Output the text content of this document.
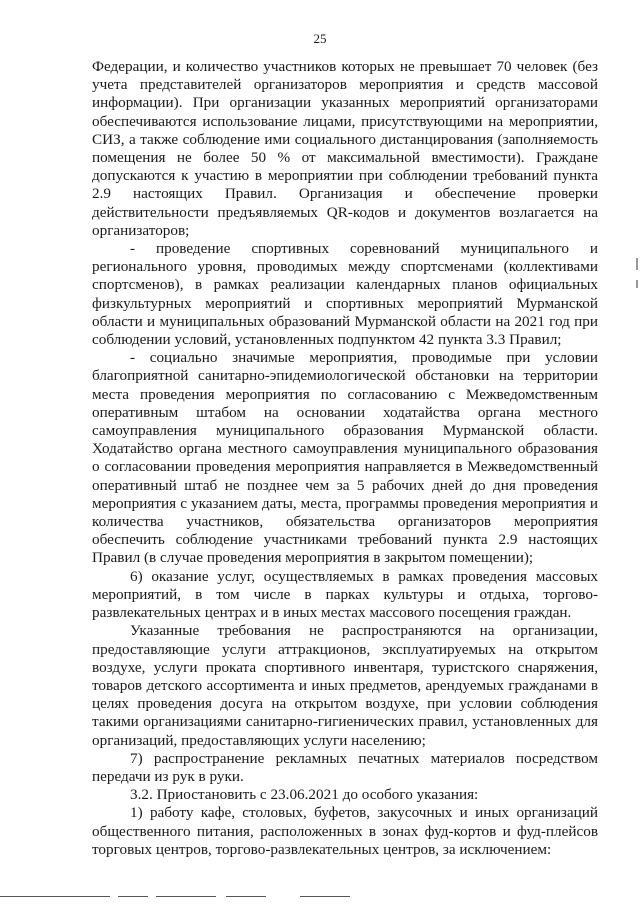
25

Федерации, и количество участников которых не превышает 70 человек (без учета представителей организаторов мероприятия и средств массовой информации). При организации указанных мероприятий организаторами обеспечиваются использование лицами, присутствующими на мероприятии, СИЗ, а также соблюдение ими социального дистанцирования (заполняемость помещения не более 50 % от максимальной вместимости). Граждане допускаются к участию в мероприятии при соблюдении требований пункта 2.9 настоящих Правил. Организация и обеспечение проверки действительности предъявляемых QR-кодов и документов возлагается на организаторов;

- проведение спортивных соревнований муниципального и регионального уровня, проводимых между спортсменами (коллективами спортсменов), в рамках реализации календарных планов официальных физкультурных мероприятий и спортивных мероприятий Мурманской области и муниципальных образований Мурманской области на 2021 год при соблюдении условий, установленных подпунктом 42 пункта 3.3 Правил;

- социально значимые мероприятия, проводимые при условии благоприятной санитарно-эпидемиологической обстановки на территории места проведения мероприятия по согласованию с Межведомственным оперативным штабом на основании ходатайства органа местного самоуправления муниципального образования Мурманской области. Ходатайство органа местного самоуправления муниципального образования о согласовании проведения мероприятия направляется в Межведомственный оперативный штаб не позднее чем за 5 рабочих дней до дня проведения мероприятия с указанием даты, места, программы проведения мероприятия и количества участников, обязательства организаторов мероприятия обеспечить соблюдение участниками требований пункта 2.9 настоящих Правил (в случае проведения мероприятия в закрытом помещении);

6) оказание услуг, осуществляемых в рамках проведения массовых мероприятий, в том числе в парках культуры и отдыха, торгово-развлекательных центрах и в иных местах массового посещения граждан.

Указанные требования не распространяются на организации, предоставляющие услуги аттракционов, эксплуатируемых на открытом воздухе, услуги проката спортивного инвентаря, туристского снаряжения, товаров детского ассортимента и иных предметов, арендуемых гражданами в целях проведения досуга на открытом воздухе, при условии соблюдения такими организациями санитарно-гигиенических правил, установленных для организаций, предоставляющих услуги населению;

7) распространение рекламных печатных материалов посредством передачи из рук в руки.

3.2. Приостановить с 23.06.2021 до особого указания:

1) работу кафе, столовых, буфетов, закусочных и иных организаций общественного питания, расположенных в зонах фуд-кортов и фуд-плейсов торговых центров, торгово-развлекательных центров, за исключением:
